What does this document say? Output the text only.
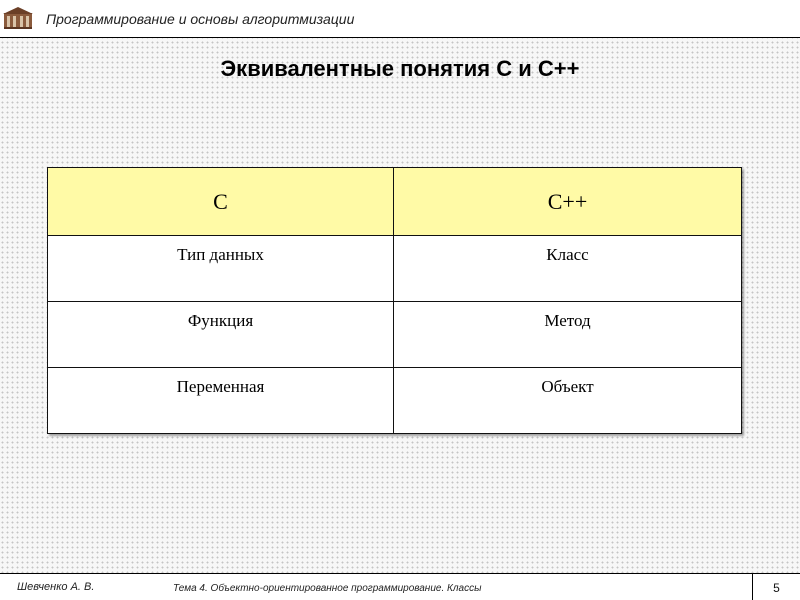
Программирование и основы алгоритмизации
Эквивалентные понятия С и С++
С	С++
Тип данных	Класс
Функция	Метод
Переменная	Объект
Шевченко А. В.	Тема 4. Объектно-ориентированное программирование. Классы	5
